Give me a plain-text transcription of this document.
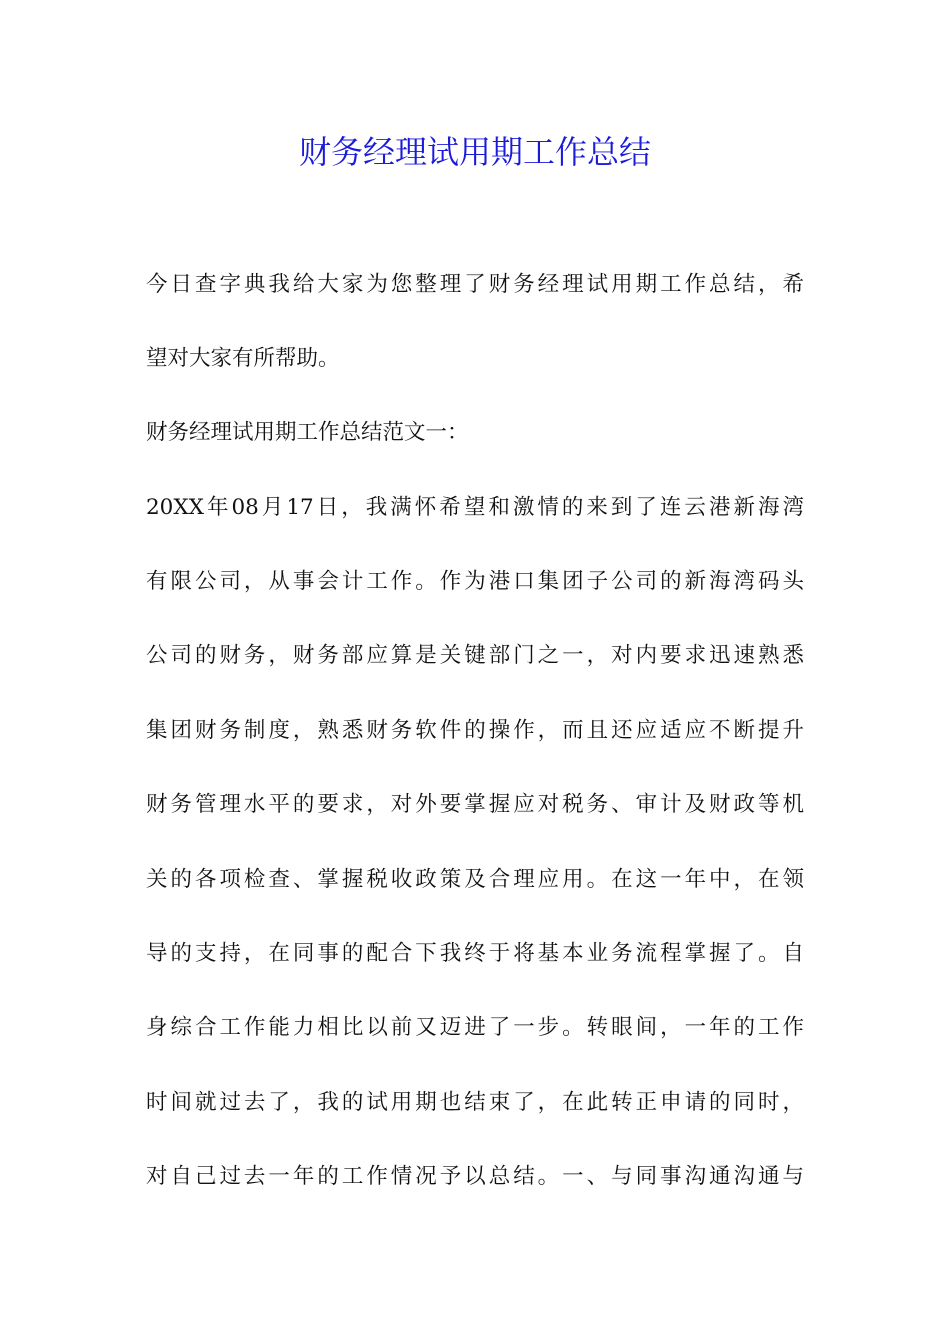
财务经理试用期工作总结
今日查字典我给大家为您整理了财务经理试用期工作总结，希
望对大家有所帮助。
财务经理试用期工作总结范文一：
20XX年08月17日，我满怀希望和激情的来到了连云港新海湾
有限公司，从事会计工作。作为港口集团子公司的新海湾码头
公司的财务，财务部应算是关键部门之一，对内要求迅速熟悉
集团财务制度，熟悉财务软件的操作，而且还应适应不断提升
财务管理水平的要求，对外要掌握应对税务、审计及财政等机
关的各项检查、掌握税收政策及合理应用。在这一年中，在领
导的支持，在同事的配合下我终于将基本业务流程掌握了。自
身综合工作能力相比以前又迈进了一步。转眼间，一年的工作
时间就过去了，我的试用期也结束了，在此转正申请的同时，
对自己过去一年的工作情况予以总结。一、与同事沟通沟通与
